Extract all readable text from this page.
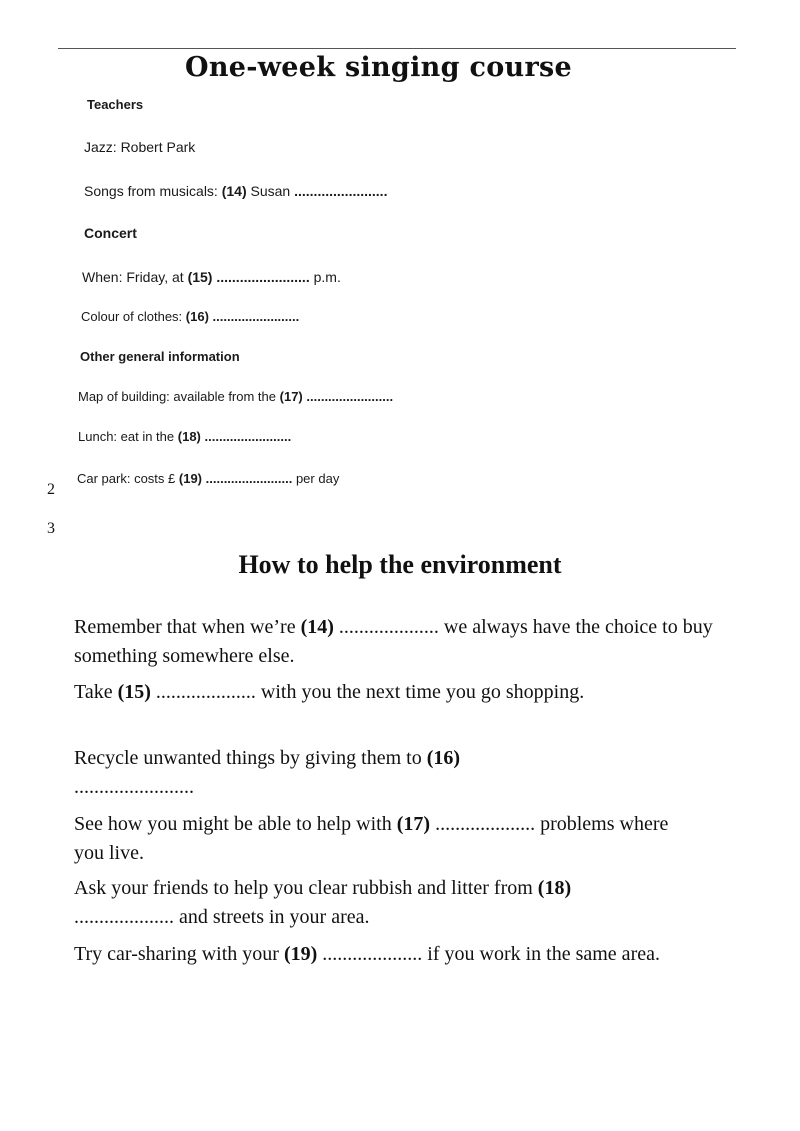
One-week singing course
Teachers
Jazz: Robert Park
Songs from musicals: (14) Susan ........................
Concert
When: Friday, at (15) ........................ p.m.
Colour of clothes: (16) ........................
Other general information
Map of building: available from the (17) ........................
Lunch: eat in the (18) ........................
Car park: costs £ (19) ........................ per day
2
3
How to help the environment
Remember that when we’re (14) .................... we always have the choice to buy something somewhere else.
Take (15) .................... with you the next time you go shopping.

Recycle unwanted things by giving them to (16) ........................
See how you might be able to help with (17) .................... problems where you live.
Ask your friends to help you clear rubbish and litter from (18) .................... and streets in your area.
Try car-sharing with your (19) .................... if you work in the same area.
